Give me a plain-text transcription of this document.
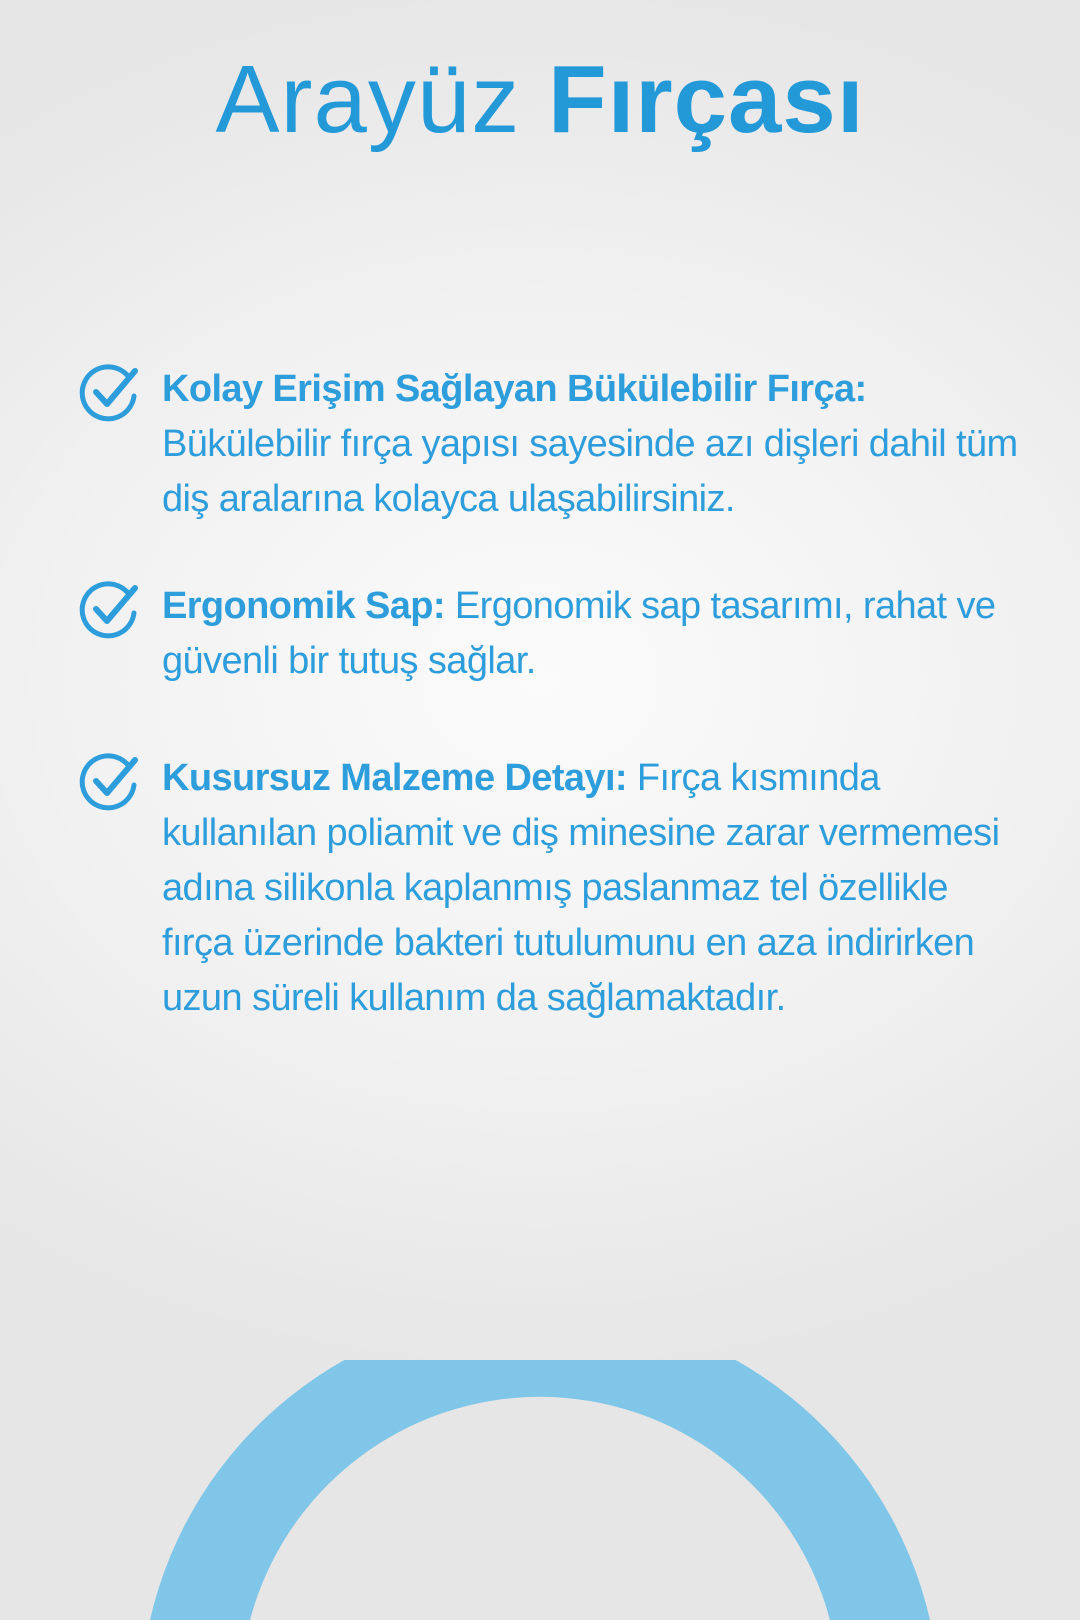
Arayüz Fırçası
Kolay Erişim Sağlayan Bükülebilir Fırça:
Bükülebilir fırça yapısı sayesinde azı dişleri dahil tüm diş aralarına kolayca ulaşabilirsiniz.
Ergonomik Sap: Ergonomik sap tasarımı, rahat ve güvenli bir tutuş sağlar.
Kusursuz Malzeme Detayı: Fırça kısmında kullanılan poliamit ve diş minesine zarar vermemesi adına silikonla kaplanmış paslanmaz tel özellikle fırça üzerinde bakteri tutulumunu en aza indirirken uzun süreli kullanım da sağlamaktadır.
